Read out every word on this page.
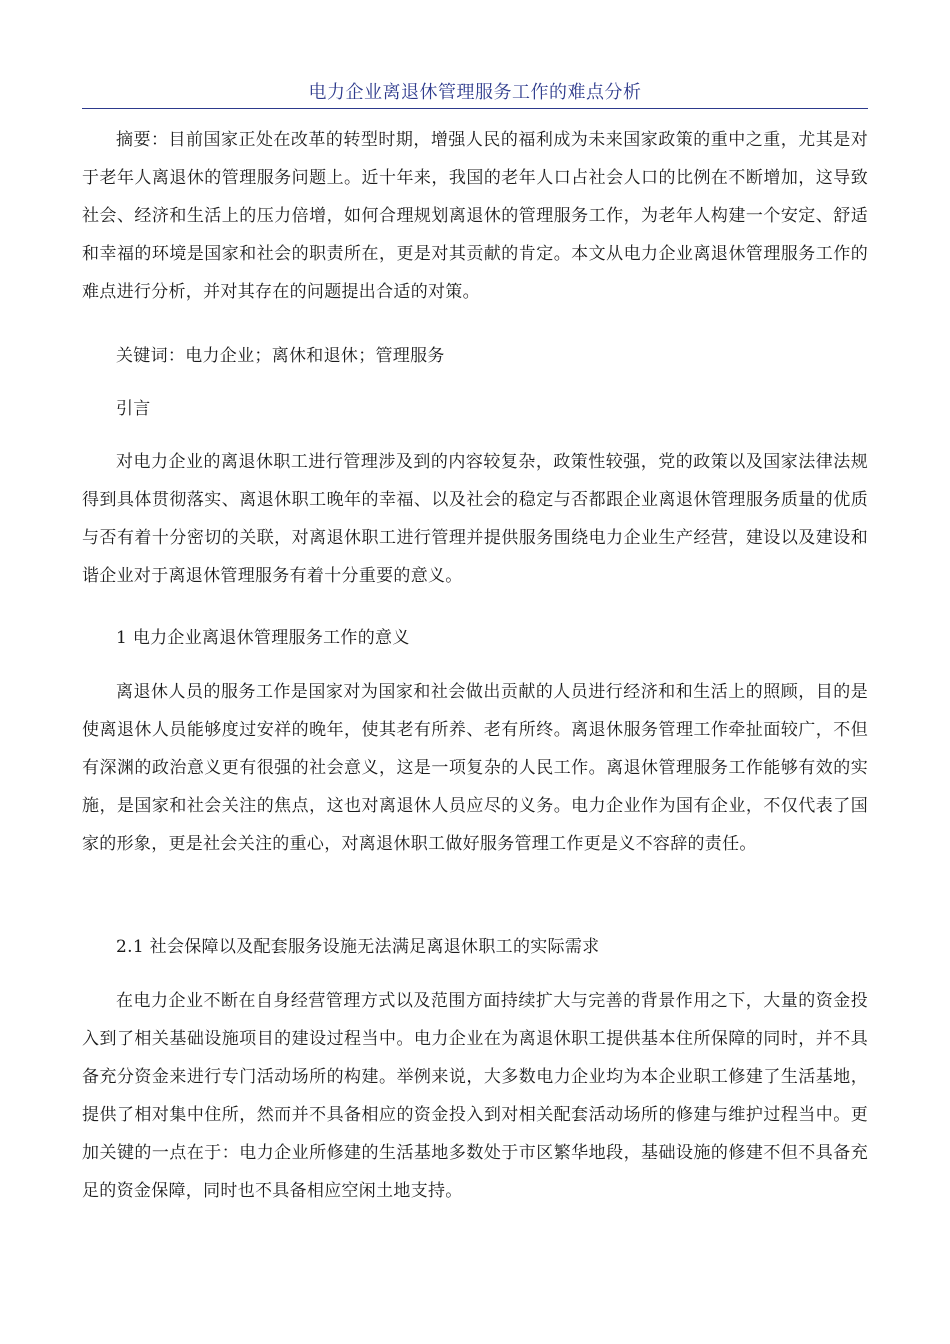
电力企业离退休管理服务工作的难点分析

摘要：目前国家正处在改革的转型时期，增强人民的福利成为未来国家政策的重中之重，尤其是对于老年人离退休的管理服务问题上。近十年来，我国的老年人口占社会人口的比例在不断增加，这导致社会、经济和生活上的压力倍增，如何合理规划离退休的管理服务工作，为老年人构建一个安定、舒适和幸福的环境是国家和社会的职责所在，更是对其贡献的肯定。本文从电力企业离退休管理服务工作的难点进行分析，并对其存在的问题提出合适的对策。

关键词：电力企业；离休和退休；管理服务

引言

对电力企业的离退休职工进行管理涉及到的内容较复杂，政策性较强，党的政策以及国家法律法规得到具体贯彻落实、离退休职工晚年的幸福、以及社会的稳定与否都跟企业离退休管理服务质量的优质与否有着十分密切的关联，对离退休职工进行管理并提供服务围绕电力企业生产经营，建设以及建设和谐企业对于离退休管理服务有着十分重要的意义。

1 电力企业离退休管理服务工作的意义

离退休人员的服务工作是国家对为国家和社会做出贡献的人员进行经济和和生活上的照顾，目的是使离退休人员能够度过安祥的晚年，使其老有所养、老有所终。离退休服务管理工作牵扯面较广，不但有深渊的政治意义更有很强的社会意义，这是一项复杂的人民工作。离退休管理服务工作能够有效的实施，是国家和社会关注的焦点，这也对离退休人员应尽的义务。电力企业作为国有企业，不仅代表了国家的形象，更是社会关注的重心，对离退休职工做好服务管理工作更是义不容辞的责任。

2.1 社会保障以及配套服务设施无法满足离退休职工的实际需求

在电力企业不断在自身经营管理方式以及范围方面持续扩大与完善的背景作用之下，大量的资金投入到了相关基础设施项目的建设过程当中。电力企业在为离退休职工提供基本住所保障的同时，并不具备充分资金来进行专门活动场所的构建。举例来说，大多数电力企业均为本企业职工修建了生活基地，提供了相对集中住所，然而并不具备相应的资金投入到对相关配套活动场所的修建与维护过程当中。更加关键的一点在于：电力企业所修建的生活基地多数处于市区繁华地段，基础设施的修建不但不具备充足的资金保障，同时也不具备相应空闲土地支持。
